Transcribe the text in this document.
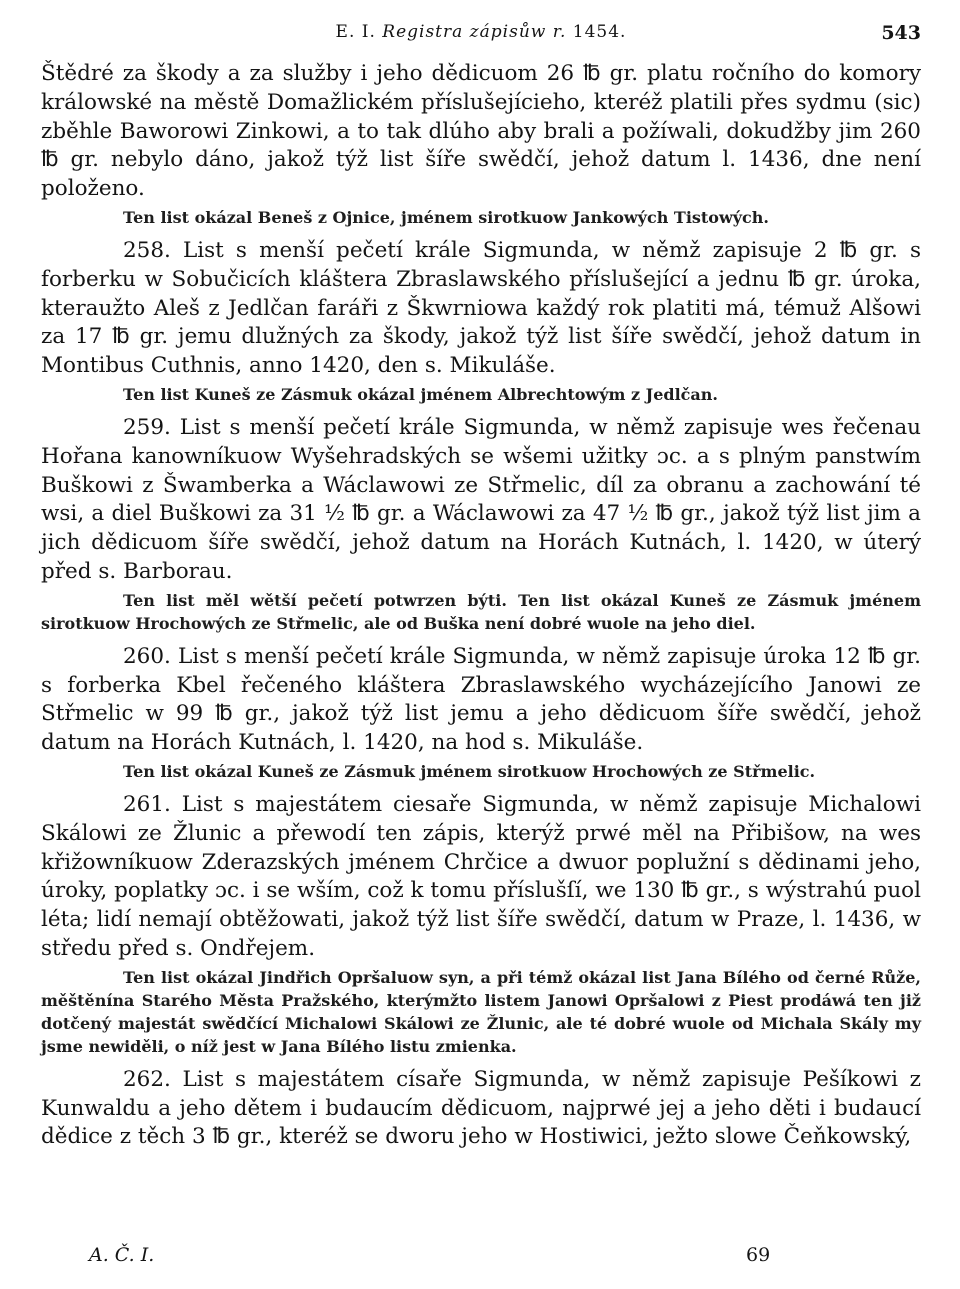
E. I. Registra zápisůw r. 1454.	543

Štědré za škody a za služby i jeho dědicuom 26 ℔ gr. platu ročního do komory králowské na městě Domažlickém příslušejícieho, kteréž platili přes sydmu (sic) zběhle Baworowi Zinkowi, a to tak dlúho aby brali a požíwali, dokudžby jim 260 ℔ gr. nebylo dáno, jakož týž list šíře swědčí, jehož datum l. 1436, dne není položeno.

Ten list okázal Beneš z Ojnice, jménem sirotkuow Jankowých Tistowých.

258. List s menší pečetí krále Sigmunda, w němž zapisuje 2 ℔ gr. s forberku w Sobučicích kláštera Zbraslawského příslušející a jednu ℔ gr. úroka, kteraužto Aleš z Jedlčan faráři z Škwrniowa každý rok platiti má, témuž Alšowi za 17 ℔ gr. jemu dlužných za škody, jakož týž list šíře swědčí, jehož datum in Montibus Cuthnis, anno 1420, den s. Mikuláše.

Ten list Kuneš ze Zásmuk okázal jménem Albrechtowým z Jedlčan.

259. List s menší pečetí krále Sigmunda, w němž zapisuje wes řečenau Hořana kanowníkuow Wyšehradských se wšemi užitky ɔc. a s plným panstwím Buškowi z Šwamberka a Wáclawowi ze Střmelic, díl za obranu a zachowání té wsi, a diel Buškowi za 31 ½ ℔ gr. a Wáclawowi za 47 ½ ℔ gr., jakož týž list jim a jich dědicuom šíře swědčí, jehož datum na Horách Kutnách, l. 1420, w úterý před s. Barborau.

Ten list měl wětší pečetí potwrzen býti. Ten list okázal Kuneš ze Zásmuk jménem sirotkuow Hrochowých ze Střmelic, ale od Buška není dobré wuole na jeho diel.

260. List s menší pečetí krále Sigmunda, w němž zapisuje úroka 12 ℔ gr. s forberka Kbel řečeného kláštera Zbraslawského wycházejícího Janowi ze Střmelic w 99 ℔ gr., jakož týž list jemu a jeho dědicuom šíře swědčí, jehož datum na Horách Kutnách, l. 1420, na hod s. Mikuláše.

Ten list okázal Kuneš ze Zásmuk jménem sirotkuow Hrochowých ze Střmelic.

261. List s majestátem ciesaře Sigmunda, w němž zapisuje Michalowi Skálowi ze Žlunic a přewodí ten zápis, kterýž prwé měl na Přibišow, na wes křižowníkuow Zderazských jménem Chrčice a dwuor poplužní s dědinami jeho, úroky, poplatky ɔc. i se wším, což k tomu příslušſí, we 130 ℔ gr., s wýstrahú puol léta; lidí nemají obtěžowati, jakož týž list šíře swědčí, datum w Praze, l. 1436, w středu před s. Ondřejem.

Ten list okázal Jindřich Opršaluow syn, a při témž okázal list Jana Bílého od černé Růže, měštěnína Starého Města Pražského, kterýmžto listem Janowi Opršalowi z Piest prodáwá ten již dotčený majestát swědčící Michalowi Skálowi ze Žlunic, ale té dobré wuole od Michala Skály my jsme newiděli, o níž jest w Jana Bílého listu zmienka.

262. List s majestátem císaře Sigmunda, w němž zapisuje Pešíkowi z Kunwaldu a jeho dětem i budaucím dědicuom, najprwé jej a jeho děti i budaucí dědice z těch 3 ℔ gr., kteréž se dworu jeho w Hostiwici, ježto slowe Čeňkowský,

A. Č. I.	69
